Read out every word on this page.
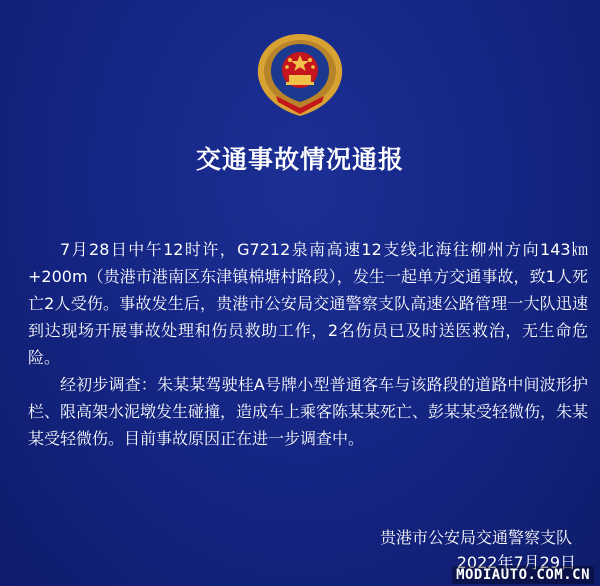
交通事故情况通报

7月28日中午12时许，G7212泉南高速12支线北海往柳州方向143㎞+200m（贵港市港南区东津镇棉塘村路段），发生一起单方交通事故，致1人死亡2人受伤。事故发生后，贵港市公安局交通警察支队高速公路管理一大队迅速到达现场开展事故处理和伤员救助工作，2名伤员已及时送医救治，无生命危险。

经初步调查：朱某某驾驶桂A号牌小型普通客车与该路段的道路中间波形护栏、限高架水泥墩发生碰撞，造成车上乘客陈某某死亡、彭某某受轻微伤，朱某某受轻微伤。目前事故原因正在进一步调查中。

贵港市公安局交通警察支队
2022年7月29日
MODIAUTO.COM.CN
